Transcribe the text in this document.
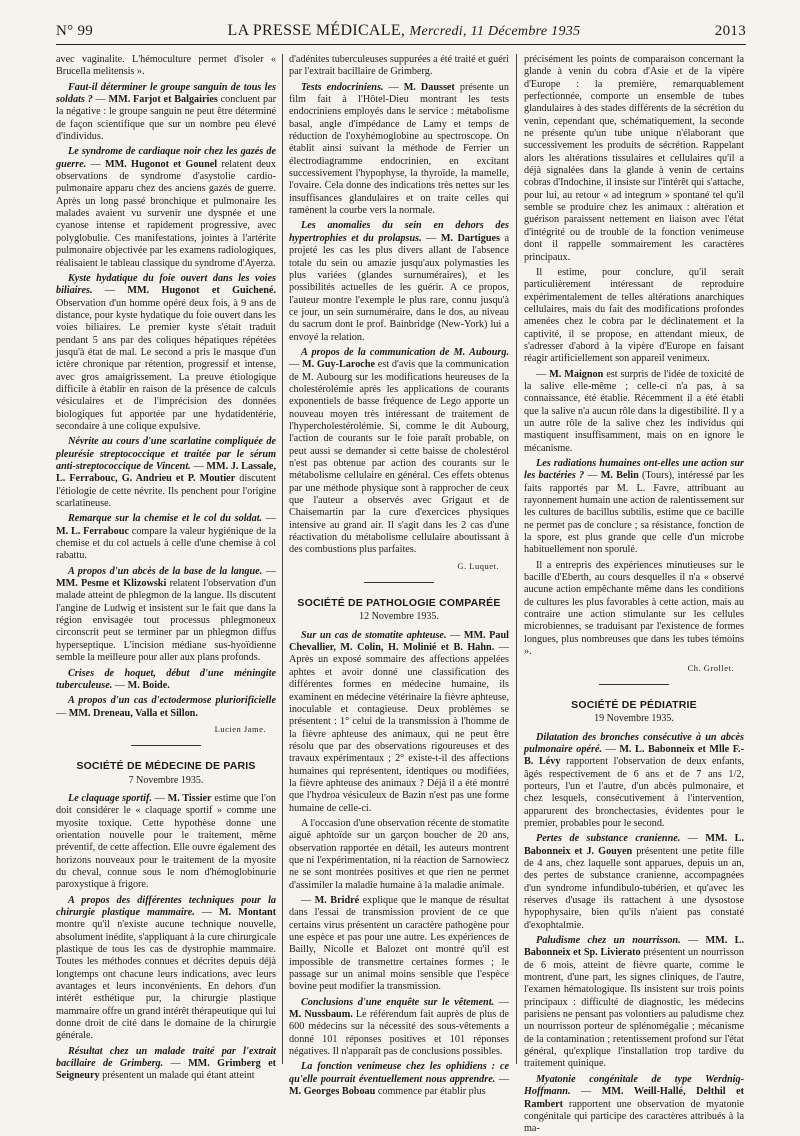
N° 99	LA PRESSE MÉDICALE, Mercredi, 11 Décembre 1935	2013

avec vaginalite. L'hémoculture permet d'isoler « Brucella melitensis ».

Faut-il déterminer le groupe sanguin de tous les soldats ? — MM. Farjot et Balgairies concluent par la négative : le groupe sanguin ne peut être déterminé de façon scientifique que sur un nombre peu élevé d'individus.

Le syndrome de cardiaque noir chez les gazés de guerre. — MM. Hugonot et Gounel relatent deux observations de syndrome d'asystolie cardio-pulmonaire apparu chez des anciens gazés de guerre. Après un long passé bronchique et pulmonaire les malades avaient vu survenir une dyspnée et une cyanose intense et rapidement progressive, avec polyglobulie. Ces manifestations, jointes à l'artérite pulmonaire objectivée par les examens radiologiques, réalisaient le tableau classique du syndrome d'Ayerza.

Kyste hydatique du foie ouvert dans les voies biliaires. — MM. Hugonot et Guichené. Observation d'un homme opéré deux fois, à 9 ans de distance, pour kyste hydatique du foie ouvert dans les voies biliaires. Le premier kyste s'était traduit pendant 5 ans par des coliques hépatiques répétées jusqu'à état de mal. Le second a pris le masque d'un ictère chronique par rétention, progressif et intense, avec gros amaigrissement. La preuve étiologique difficile à établir en raison de la présence de calculs vésiculaires et de l'imprécision des données biologiques fut apportée par une hydatidentérie, secondaire à une colique expulsive.

Névrite au cours d'une scarlatine compliquée de pleurésie streptococcique et traitée par le sérum anti-streptococcique de Vincent. — MM. J. Lassale, L. Ferrabouc, G. Andrieu et P. Moutier discutent l'étiologie de cette névrite. Ils penchent pour l'origine scarlatineuse.

Remarque sur la chemise et le col du soldat. — M. L. Ferrabouc compare la valeur hygiénique de la chemise et du col actuels à celle d'une chemise à col rabattu.

A propos d'un abcès de la base de la langue. — MM. Pesme et Klizowski relatent l'observation d'un malade atteint de phlegmon de la langue. Ils discutent l'angine de Ludwig et insistent sur le fait que dans la région envisagée tout processus phlegmoneux circonscrit peut se terminer par un phlegmon diffus hyperseptique. L'incision médiane sus-hyoïdienne semble la meilleure pour aller aux plans profonds.

Crises de hoquet, début d'une méningite tuberculeuse. — M. Boide.

A propos d'un cas d'ectodermose pluriorificielle — MM. Dreneau, Valla et Sillon.

Lucien Jame.
SOCIÉTÉ DE MÉDECINE DE PARIS
7 Novembre 1935.

Le claquage sportif. — M. Tissier estime que l'on doit considérer le « claquage sportif » comme une myosite toxique. Cette hypothèse donne une orientation nouvelle pour le traitement, même préventif, de cette affection. Elle ouvre également des horizons nouveaux pour le traitement de la myosite du cheval, connue sous le nom d'hémoglobinurie paroxystique à frigore.

A propos des différentes techniques pour la chirurgie plastique mammaire. — M. Montant montre qu'il n'existe aucune technique nouvelle, absolument inédite, s'appliquant à la cure chirurgicale plastique de tous les cas de dystrophie mammaire. Toutes les méthodes connues et décrites depuis déjà longtemps ont chacune leurs indications, avec leurs avantages et leurs inconvénients. En dehors d'un intérêt esthétique pur, la chirurgie plastique mammaire offre un grand intérêt thérapeutique qui lui donne droit de cité dans le domaine de la chirurgie générale.

Résultat chez un malade traité par l'extrait bacillaire de Grimberg. — MM. Grimberg et Seigneury présentent un malade qui étant atteint

d'adénites tuberculeuses suppurées a été traité et guéri par l'extrait bacillaire de Grimberg.

Tests endocriniens. — M. Dausset présente un film fait à l'Hôtel-Dieu montrant les tests endocriniens employés dans le service : métabolisme basal, angle d'impédance de Lamy et temps de réduction de l'oxyhémoglobine au spectroscope. On établit ainsi suivant la méthode de Ferrier un électrodiagramme endocrinien, en excitant successivement l'hypophyse, la thyroïde, la mamelle, l'ovaire. Cela donne des indications très nettes sur les insuffisances glandulaires et on traite celles qui ramènent la courbe vers la normale.

Les anomalies du sein en dehors des hypertrophies et du prolapsus. — M. Dartigues a projeté les cas les plus divers allant de l'absence totale du sein ou amazie jusqu'aux polymasties les plus variées (glandes surnuméraires), et les possibilités actuelles de les guérir. A ce propos, l'auteur montre l'exemple le plus rare, connu jusqu'à ce jour, un sein surnuméraire, dans le dos, au niveau du sacrum dont le prof. Bainbridge (New-York) lui a envoyé la relation.

A propos de la communication de M. Aubourg. — M. Guy-Laroche est d'avis que la communication de M. Aubourg sur les modifications heureuses de la cholestérolémie après les applications de courants exponentiels de basse fréquence de Lego apporte un nouveau moyen très intéressant de traitement de l'hypercholestérolémie. Si, comme le dit Aubourg, l'action de courants sur le foie paraît probable, on peut aussi se demander si cette baisse de cholestérol n'est pas obtenue par action des courants sur le métabolisme cellulaire en général. Ces effets obtenus par une méthode physique sont à rapprocher de ceux que l'auteur a observés avec Grigaut et de Chaisemartin par la cure d'exercices physiques intensive au grand air. Il s'agit dans les 2 cas d'une réactivation du métabolisme cellulaire aboutissant à des combustions plus parfaites.

G. Luquet.
SOCIÉTÉ DE PATHOLOGIE COMPARÉE
12 Novembre 1935.

Sur un cas de stomatite aphteuse. — MM. Paul Chevallier, M. Colin, H. Molinié et B. Hahn. — Après un exposé sommaire des affections appelées aphtes et avoir donné une classification des différentes formes en médecine humaine, ils examinent en médecine vétérinaire la fièvre aphteuse, inoculable et contagieuse. Deux problèmes se présentent : 1° celui de la transmission à l'homme de la fièvre aphteuse des animaux, qui ne peut être résolu que par des observations rigoureuses et des travaux expérimentaux ; 2° existe-t-il des affections humaines qui représentent, identiques ou modifiées, la fièvre aphteuse des animaux ? Déjà il a été montré que l'hydroa vésiculeux de Bazin n'est pas une forme humaine de celle-ci.

A l'occasion d'une observation récente de stomatite aiguë aphtoïde sur un garçon boucher de 20 ans, observation rapportée en détail, les auteurs montrent que ni l'expérimentation, ni la réaction de Sarnowiecz ne se sont montrées positives et que rien ne permet d'assimiler la maladie humaine à la maladie animale.

— M. Bridré explique que le manque de résultat dans l'essai de transmission provient de ce que certains virus présentent un caractère pathogène pour une espèce et pas pour une autre. Les expériences de Bailly, Nicolle et Balozet ont montré qu'il est impossible de transmettre certaines formes ; le passage sur un animal moins sensible que l'espèce bovine peut modifier la transmission.

Conclusions d'une enquête sur le vêtement. — M. Nussbaum. Le référendum fait auprès de plus de 600 médecins sur la nécessité des sous-vêtements a donné 101 réponses positives et 101 réponses négatives. Il n'apparaît pas de conclusions possibles.

La fonction venimeuse chez les ophidiens : ce qu'elle pourrait éventuellement nous apprendre. — M. Georges Boboau commence par établir plus

précisément les points de comparaison concernant la glande à venin du cobra d'Asie et de la vipère d'Europe : la première, remarquablement perfectionnée, comporte un ensemble de tubes glandulaires à des stades différents de la sécrétion du venin, cependant que, schématiquement, la seconde ne présente qu'un tube unique n'élaborant que successivement les produits de sécrétion. Rappelant alors les altérations tissulaires et cellulaires qu'il a déjà signalées dans la glande à venin de certains cobras d'Indochine, il insiste sur l'intérêt qui s'attache, pour lui, au retour « ad integrum » spontané tel qu'il semble se produire chez les animaux : altération et guérison paraissent nettement en liaison avec l'état d'intégrité ou de trouble de la fonction venimeuse dont il rappelle sommairement les caractères principaux.

Il estime, pour conclure, qu'il serait particulièrement intéressant de reproduire expérimentalement de telles altérations anarchiques cellulaires, mais du fait des modifications profondes amenées chez le cobra par le déclinatement et la captivité, il se propose, en attendant mieux, de s'adresser d'abord à la vipère d'Europe en faisant réagir artificiellement son appareil venimeux.

— M. Maignon est surpris de l'idée de toxicité de la salive elle-même ; celle-ci n'a pas, à sa connaissance, été établie. Récemment il a été établi que la salive n'a aucun rôle dans la digestibilité. Il y a un autre rôle de la salive chez les individus qui mastiquent insuffisamment, mais on en ignore le mécanisme.

Les radiations humaines ont-elles une action sur les bactéries ? — M. Belin (Tours), intéressé par les faits rapportés par M. L. Favre, attribuant au rayonnement humain une action de ralentissement sur les cultures de bacillus subtilis, estime que ce bacille ne permet pas de conclure ; sa résistance, fonction de la spore, est plus grande que celle d'un microbe habituellement non sporulé.

Il a entrepris des expériences minutieuses sur le bacille d'Eberth, au cours desquelles il n'a « observé aucune action empêchante même dans les conditions de cultures les plus favorables à cette action, mais au contraire une action stimulante sur les cellules microbiennes, se traduisant par l'existence de formes longues, plus nombreuses que dans les tubes témoins ».

Ch. Grollet.
SOCIÉTÉ DE PÉDIATRIE
19 Novembre 1935.

Dilatation des bronches consécutive à un abcès pulmonaire opéré. — M. L. Babonneix et Mlle F.-B. Lévy rapportent l'observation de deux enfants, âgés respectivement de 6 ans et de 7 ans 1/2, porteurs, l'un et l'autre, d'un abcès pulmonaire, et chez lesquels, consécutivement à l'intervention, apparurent des bronchectasies, évidentes pour le premier, probables pour le second.

Pertes de substance cranienne. — MM. L. Babonneix et J. Gouyen présentent une petite fille de 4 ans, chez laquelle sont apparues, depuis un an, des pertes de substance cranienne, accompagnées d'un syndrome infundibulo-tubérien, et qu'avec les réserves d'usage ils rattachent à une dysostose hypophysaire, bien qu'ils n'aient pas constaté d'exophtalmie.

Paludisme chez un nourrisson. — MM. L. Babonneix et Sp. Livierato présentent un nourrisson de 6 mois, atteint de fièvre quarte, comme le montrent, d'une part, les signes cliniques, de l'autre, l'examen hématologique. Ils insistent sur trois points principaux : difficulté de diagnostic, les médecins parisiens ne pensant pas volontiers au paludisme chez un nourrisson porteur de splénomégalie ; mécanisme de la contamination ; retentissement profond sur l'état général, qu'explique l'installation trop tardive du traitement quinique.

Myatonie congénitale de type Werdnig-Hoffmann. — MM. Weill-Hallé, Delthil et Rambert rapportent une observation de myatonie congénitale qui participe des caractères attribués à la ma-
